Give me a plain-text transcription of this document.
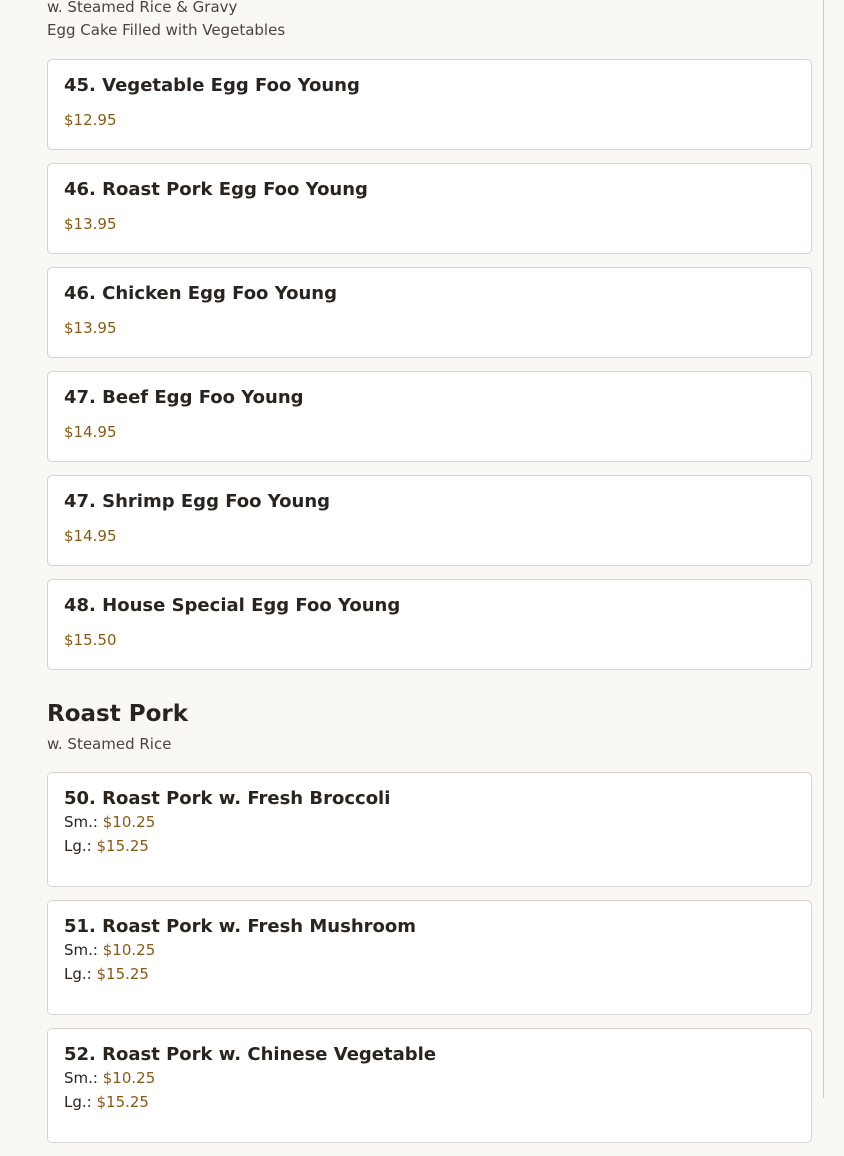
w. Steamed Rice & Gravy
Egg Cake Filled with Vegetables
45. Vegetable Egg Foo Young
$12.95
46. Roast Pork Egg Foo Young
$13.95
46. Chicken Egg Foo Young
$13.95
47. Beef Egg Foo Young
$14.95
47. Shrimp Egg Foo Young
$14.95
48. House Special Egg Foo Young
$15.50
Roast Pork
w. Steamed Rice
50. Roast Pork w. Fresh Broccoli
Sm.: $10.25
Lg.: $15.25
51. Roast Pork w. Fresh Mushroom
Sm.: $10.25
Lg.: $15.25
52. Roast Pork w. Chinese Vegetable
Sm.: $10.25
Lg.: $15.25
